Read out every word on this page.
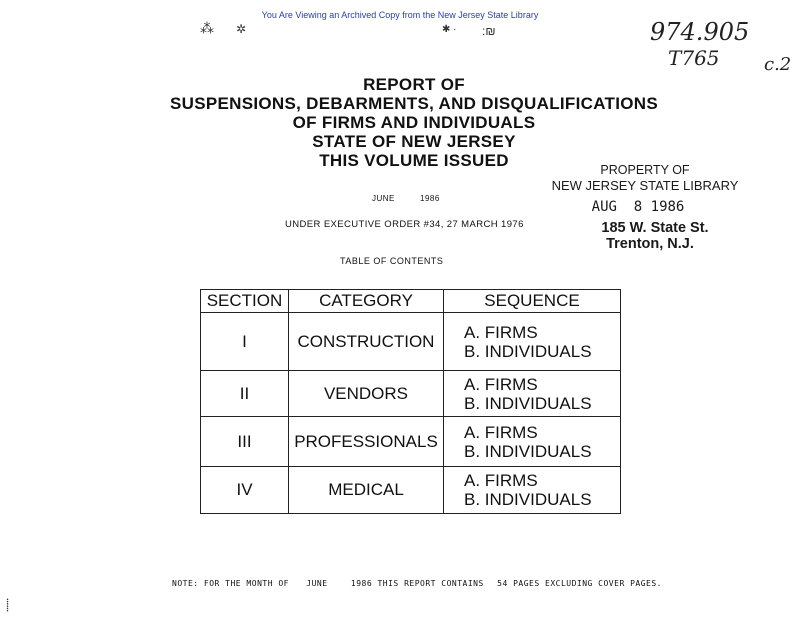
You Are Viewing an Archived Copy from the New Jersey State Library
⁂ ✲	✱ · :₪
⸽
974.905
T765 c.2
REPORT OF
SUSPENSIONS, DEBARMENTS, AND DISQUALIFICATIONS
OF FIRMS AND INDIVIDUALS
STATE OF NEW JERSEY
THIS VOLUME ISSUED
JUNE	1986
UNDER EXECUTIVE ORDER #34, 27 MARCH 1976
PROPERTY OF
NEW JERSEY STATE LIBRARY
AUG  8 1986
185 W. State St.
Trenton, N.J.
TABLE OF CONTENTS
SECTION	CATEGORY	SEQUENCE
I	CONSTRUCTION	A. FIRMS
B. INDIVIDUALS

II	VENDORS	A. FIRMS
B. INDIVIDUALS

III	PROFESSIONALS	A. FIRMS
B. INDIVIDUALS

IV	MEDICAL	A. FIRMS
B. INDIVIDUALS
NOTE: FOR THE MONTH OF JUNE	1986 THIS REPORT CONTAINS 54 PAGES EXCLUDING COVER PAGES.
